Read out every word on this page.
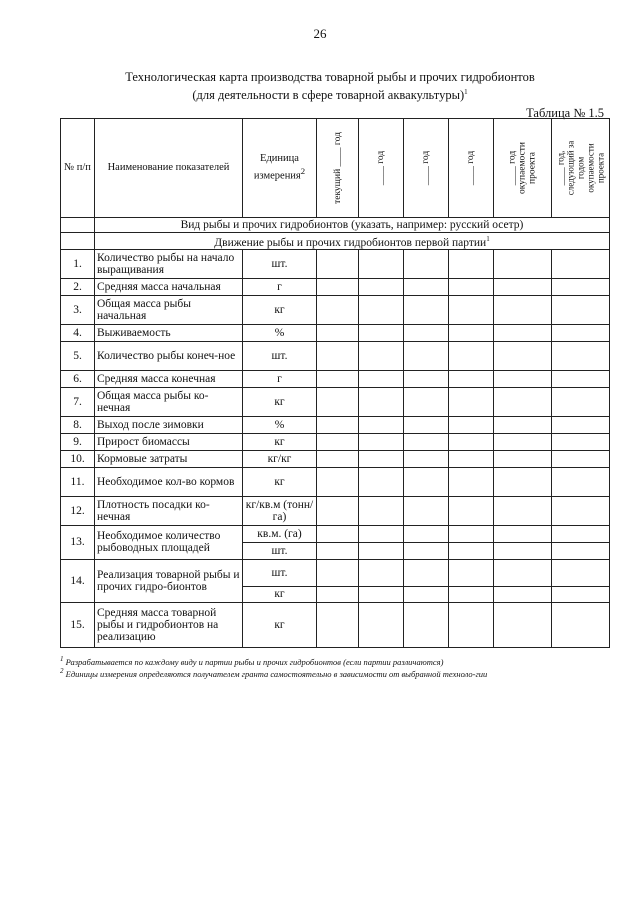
26
Технологическая карта производства товарной рыбы и прочих гидробионтов
(для деятельности в сфере товарной аквакультуры)$^1$
Таблица № 1.5
№ п/п	Наименование показателей	Единица измерения$^2$	текущий ____ год	____ год	____ год	____ год	____ год окупаемости проекта	____ год, следующий за годом окупаемости проекта

	Вид рыбы и прочих гидробионтов (указать, например: русский осетр)							
	Движение рыбы и прочих гидробионтов первой партии$^1$
1.	Количество рыбы на начало выращивания	шт.						
2.	Средняя масса начальная	г						
3.	Общая масса рыбы начальная	кг						
4.	Выживаемость	%						
5.	Количество рыбы конеч-ное	шт.						
6.	Средняя масса конечная	г						
7.	Общая масса рыбы ко-нечная	кг						
8.	Выход после зимовки	%						
9.	Прирост биомассы	кг						
10.	Кормовые затраты	кг/кг						
11.	Необходимое кол-во кормов	кг						
12.	Плотность посадки ко-нечная	кг/кв.м (тонн/га)						
13.	Необходимое количество рыбоводных площадей	кв.м. (га)						
		шт.						
14.	Реализация товарной рыбы и прочих гидро-бионтов	шт.						
		кг						
15.	Средняя масса товарной рыбы и гидробионтов на реализацию	кг						
$^1$ Разрабатывается по каждому виду и партии рыбы и прочих гидробионтов (если партии различаются)
$^2$ Единицы измерения определяются получателем гранта самостоятельно в зависимости от выбранной техноло-гии
